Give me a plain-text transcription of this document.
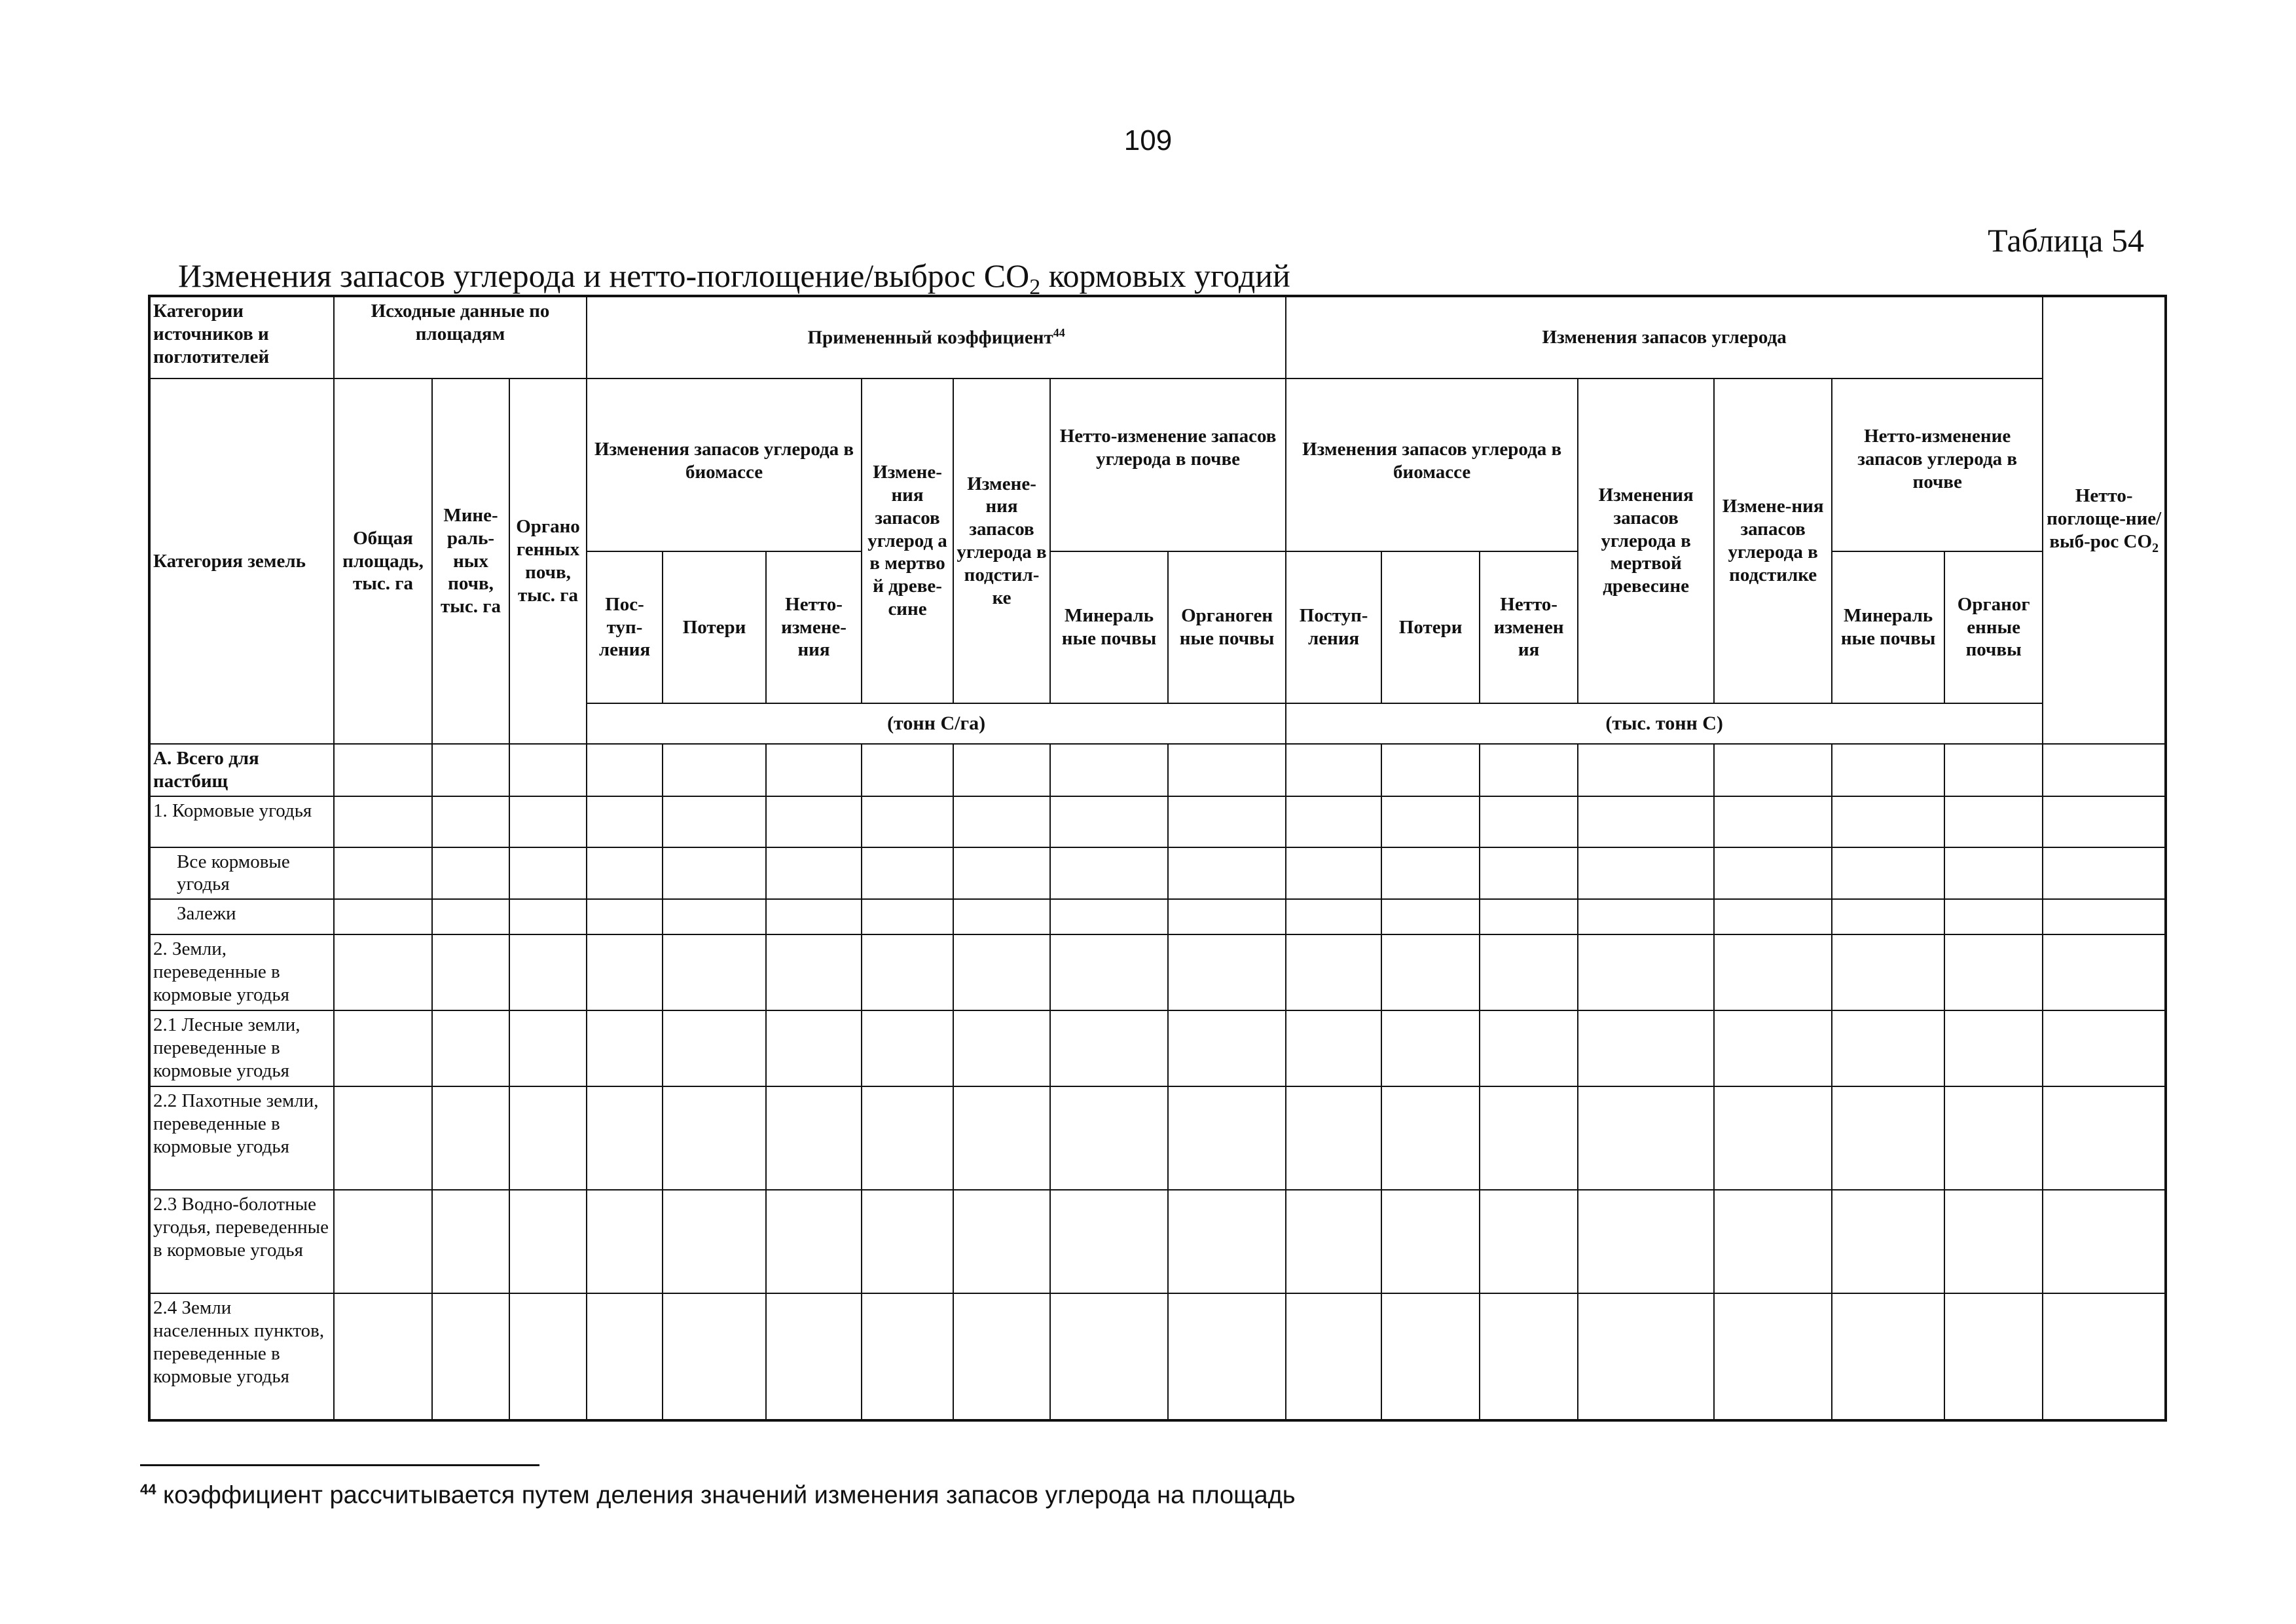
109
Таблица 54
Изменения запасов углерода и нетто-поглощение/выброс $СО_2$ кормовых угодий
Категории источников и поглотителей	Исходные данные по площадям			Примененный коэффициент$^{44}$							Изменения запасов углерода							Нетто-поглоще-ние/выб-рос $СО_2$
Категория земель	Общая площадь, тыс. га	Мине-раль-ных почв, тыс. га	Органо генных почв, тыс. га	Изменения запасов углерода в биомассе			Измене-ния запасов углерод а в мертво й древе-сине	Измене-ния запасов углерода в подстил-ке	Нетто-изменение запасов углерода в почве		Изменения запасов углерода в биомассе			Изменения запасов углерода в мертвой древесине	Измене-ния запасов углерода в подстилке	Нетто-изменение запасов углерода в почве		
				Пос-туп-ления	Потери	Нетто-измене-ния			Минераль ные почвы	Органоген ные почвы	Поступ-ления	Потери	Нетто-изменен ия			Минераль ные почвы	Органог енные почвы	
				(тонн С/га)							(тыс. тонн С)							
А. Всего для пастбищ																		
1. Кормовые угодья																		
Все кормовые угодья																		
Залежи																		
2. Земли, переведенные в кормовые угодья																		
2.1 Лесные земли, переведенные в кормовые угодья																		
2.2 Пахотные земли, переведенные в кормовые угодья																		
2.3 Водно-болотные угодья, переведенные в кормовые угодья																		
2.4 Земли населенных пунктов, переведенные в кормовые угодья																		
$^{44}$ коэффициент рассчитывается путем деления значений изменения запасов углерода на площадь
